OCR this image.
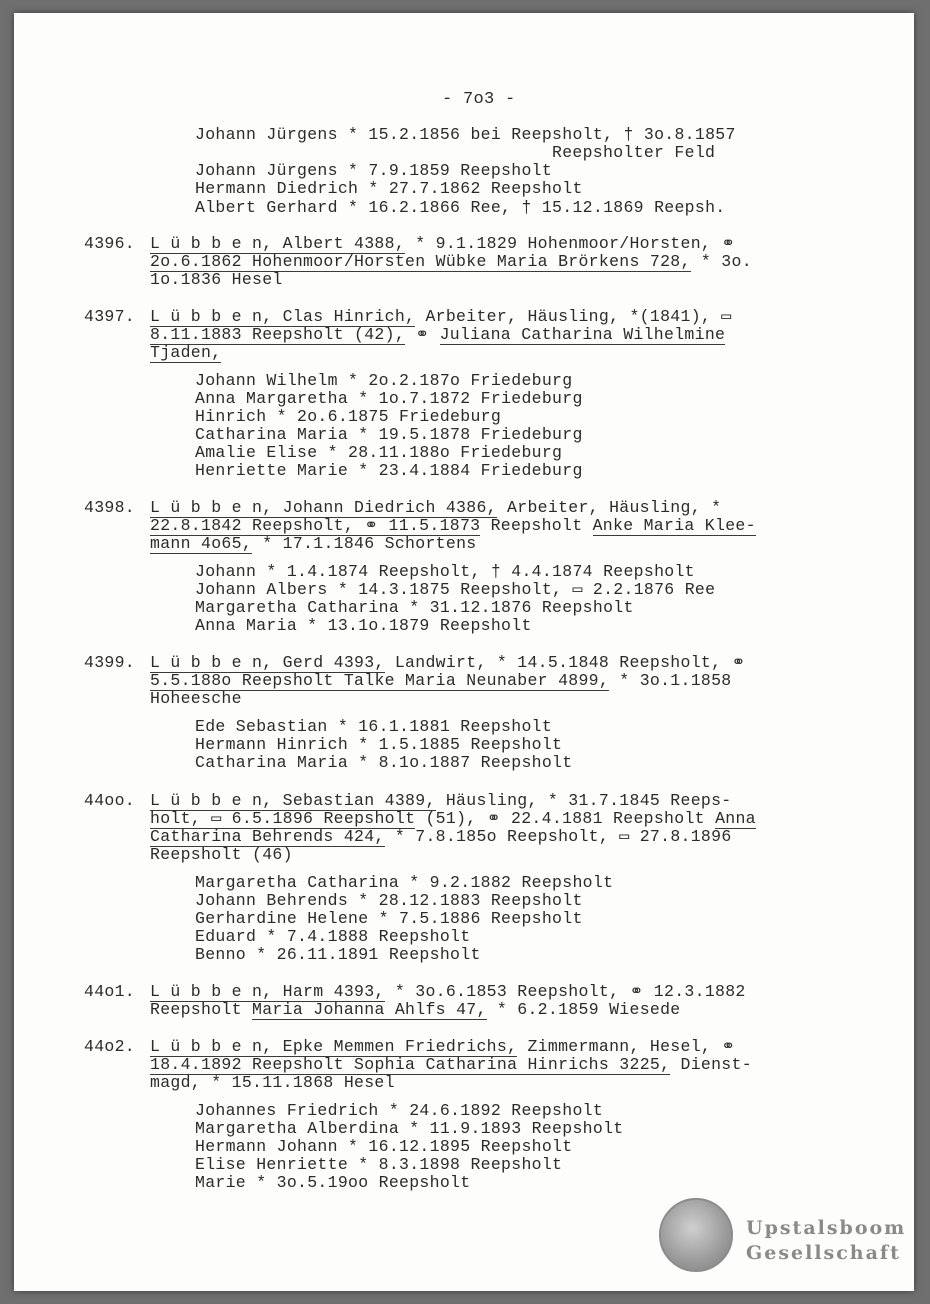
- 7o3 -
Johann Jürgens * 15.2.1856 bei Reepsholt, † 3o.8.1857
Reepsholter Feld
Johann Jürgens * 7.9.1859 Reepsholt
Hermann Diedrich * 27.7.1862 Reepsholt
Albert Gerhard * 16.2.1866 Ree, † 15.12.1869 Reepsh.
4396. L ü b b e n, Albert 4388, * 9.1.1829 Hohenmoor/Horsten, ⚭
2o.6.1862 Hohenmoor/Horsten Wübke Maria Brörkens 728, * 3o.
1o.1836 Hesel
4397. L ü b b e n, Clas Hinrich, Arbeiter, Häusling, *(1841), ▭
8.11.1883 Reepsholt (42), ⚭ Juliana Catharina Wilhelmine
Tjaden,
Johann Wilhelm * 2o.2.187o Friedeburg
Anna Margaretha * 1o.7.1872 Friedeburg
Hinrich * 2o.6.1875 Friedeburg
Catharina Maria * 19.5.1878 Friedeburg
Amalie Elise * 28.11.188o Friedeburg
Henriette Marie * 23.4.1884 Friedeburg
4398. L ü b b e n, Johann Diedrich 4386, Arbeiter, Häusling, *
22.8.1842 Reepsholt, ⚭ 11.5.1873 Reepsholt Anke Maria Klee-
mann 4o65, * 17.1.1846 Schortens
Johann * 1.4.1874 Reepsholt, † 4.4.1874 Reepsholt
Johann Albers * 14.3.1875 Reepsholt, ▭ 2.2.1876 Ree
Margaretha Catharina * 31.12.1876 Reepsholt
Anna Maria * 13.1o.1879 Reepsholt
4399. L ü b b e n, Gerd 4393, Landwirt, * 14.5.1848 Reepsholt, ⚭
5.5.188o Reepsholt Talke Maria Neunaber 4899, * 3o.1.1858
Hoheesche
Ede Sebastian * 16.1.1881 Reepsholt
Hermann Hinrich * 1.5.1885 Reepsholt
Catharina Maria * 8.1o.1887 Reepsholt
44oo. L ü b b e n, Sebastian 4389, Häusling, * 31.7.1845 Reeps-
holt, ▭ 6.5.1896 Reepsholt (51), ⚭ 22.4.1881 Reepsholt Anna
Catharina Behrends 424, * 7.8.185o Reepsholt, ▭ 27.8.1896
Reepsholt (46)
Margaretha Catharina * 9.2.1882 Reepsholt
Johann Behrends * 28.12.1883 Reepsholt
Gerhardine Helene * 7.5.1886 Reepsholt
Eduard * 7.4.1888 Reepsholt
Benno * 26.11.1891 Reepsholt
44o1. L ü b b e n, Harm 4393, * 3o.6.1853 Reepsholt, ⚭ 12.3.1882
Reepsholt Maria Johanna Ahlfs 47, * 6.2.1859 Wiesede
44o2. L ü b b e n, Epke Memmen Friedrichs, Zimmermann, Hesel, ⚭
18.4.1892 Reepsholt Sophia Catharina Hinrichs 3225, Dienst-
magd, * 15.11.1868 Hesel
Johannes Friedrich * 24.6.1892 Reepsholt
Margaretha Alberdina * 11.9.1893 Reepsholt
Hermann Johann * 16.12.1895 Reepsholt
Elise Henriette * 8.3.1898 Reepsholt
Marie * 3o.5.19oo Reepsholt
Upstalsboom
Gesellschaft
